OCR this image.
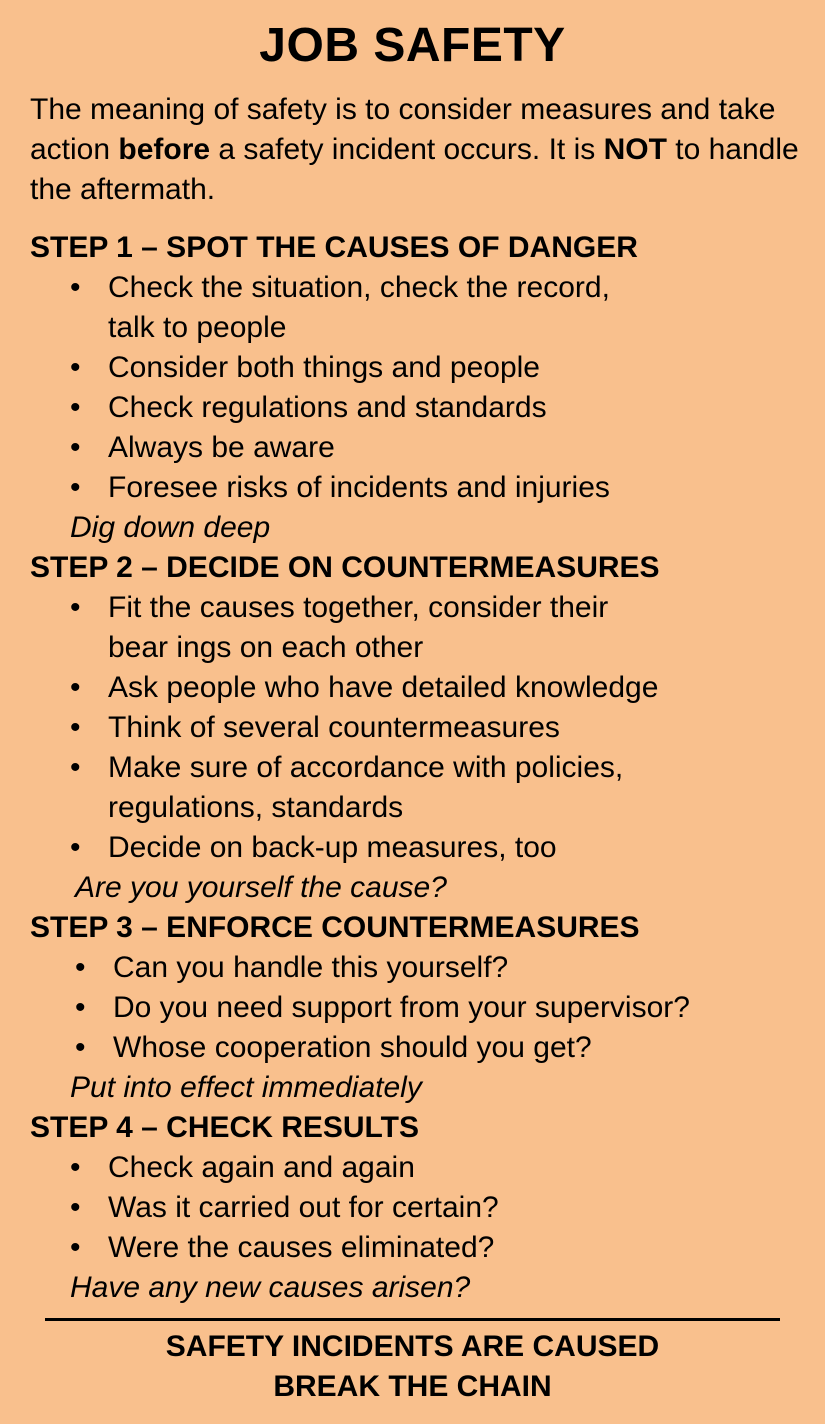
JOB SAFETY
The meaning of safety is to consider measures and take action before a safety incident occurs. It is NOT to handle the aftermath.
STEP 1 – SPOT THE CAUSES OF DANGER
• Check the situation, check the record,
talk to people
• Consider both things and people
• Check regulations and standards
• Always be aware
• Foresee risks of incidents and injuries
Dig down deep
STEP 2 – DECIDE ON COUNTERMEASURES
• Fit the causes together, consider their
bear ings on each other
• Ask people who have detailed knowledge
• Think of several countermeasures
• Make sure of accordance with policies,
regulations, standards
• Decide on back-up measures, too
Are you yourself the cause?
STEP 3 – ENFORCE COUNTERMEASURES
• Can you handle this yourself?
• Do you need support from your supervisor?
• Whose cooperation should you get?
Put into effect immediately
STEP 4 – CHECK RESULTS
• Check again and again
• Was it carried out for certain?
• Were the causes eliminated?
Have any new causes arisen?
SAFETY INCIDENTS ARE CAUSED
BREAK THE CHAIN
